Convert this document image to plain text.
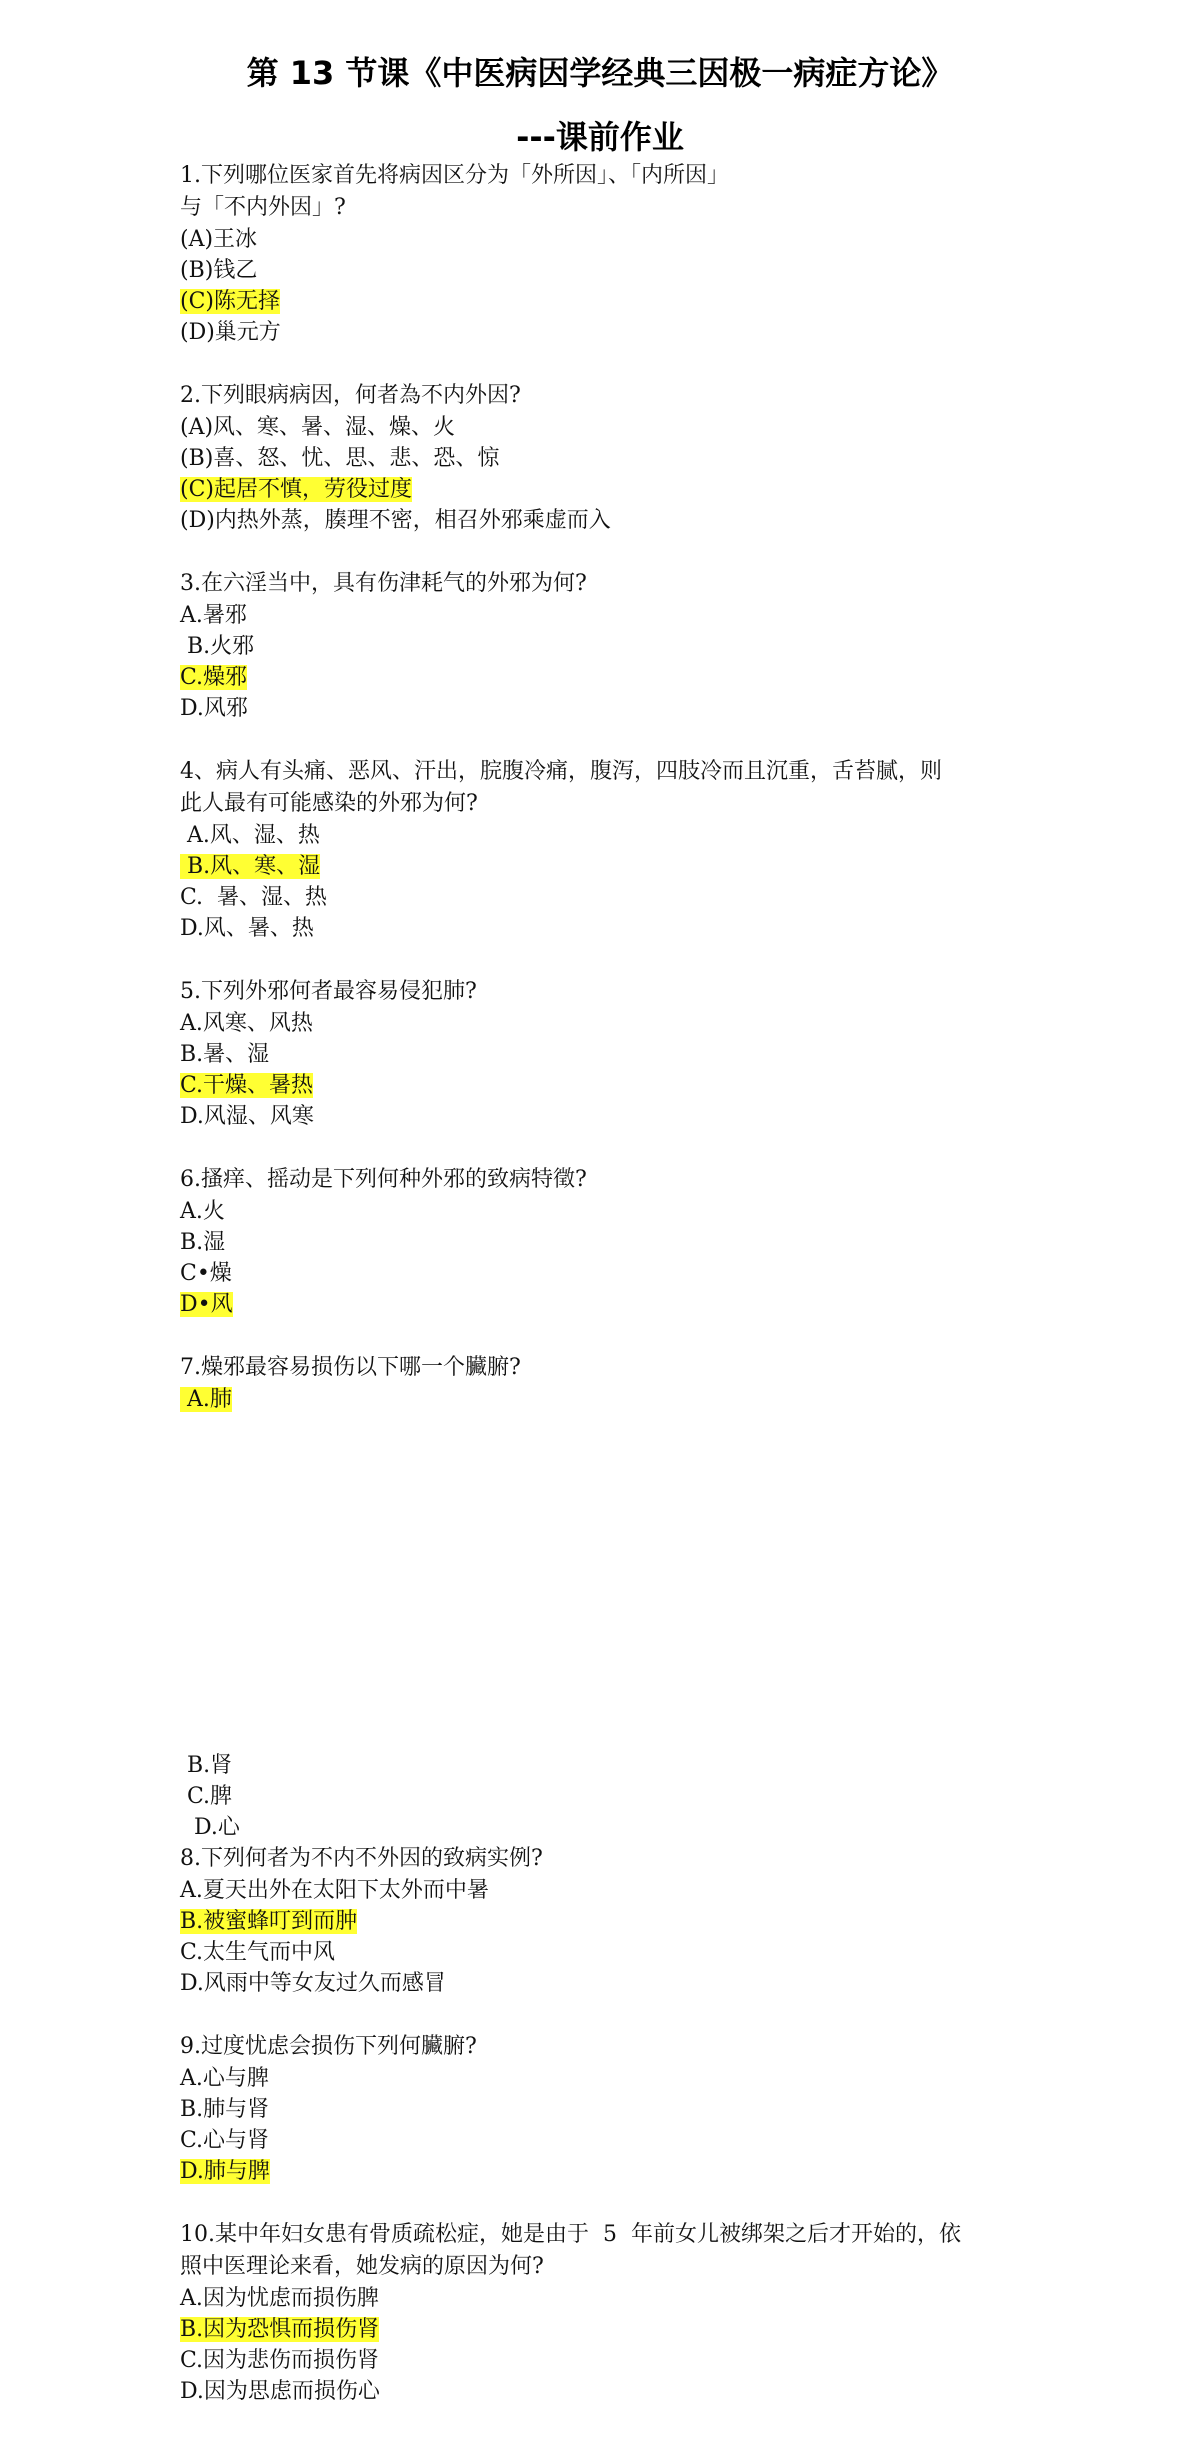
第 13 节课《中医病因学经典三因极一病症方论》
---课前作业
1.下列哪位医家首先将病因区分为「外所因」、「内所因」
与「不内外因」?
(A)王冰
(B)钱乙
(C)陈无择
(D)巢元方
2.下列眼病病因，何者為不内外因?
(A)风、寒、暑、湿、燥、火
(B)喜、怒、忧、思、悲、恐、惊
(C)起居不慎，劳役过度
(D)内热外蒸，腠理不密，相召外邪乘虚而入
3.在六淫当中，具有伤津耗气的外邪为何?
A.暑邪
B.火邪
C.燥邪
D.风邪
4、病人有头痛、恶风、汗出，脘腹冷痛，腹泻，四肢冷而且沉重，舌苔腻，则
此人最有可能感染的外邪为何?
A.风、湿、热
B.风、寒、湿
C.  暑、湿、热
D.风、暑、热
5.下列外邪何者最容易侵犯肺?
A.风寒、风热
B.暑、湿
C.干燥、暑热
D.风湿、风寒
6.搔痒、摇动是下列何种外邪的致病特徵?
A.火
B.湿
C•燥
D•风
7.燥邪最容易损伤以下哪一个臟腑?
A.肺
B.肾
C.脾
D.心
8.下列何者为不内不外因的致病实例?
A.夏天出外在太阳下太外而中暑
B.被蜜蜂叮到而肿
C.太生气而中风
D.风雨中等女友过久而感冒
9.过度忧虑会损伤下列何臟腑?
A.心与脾
B.肺与肾
C.心与肾
D.肺与脾
10.某中年妇女患有骨质疏松症，她是由于  5  年前女儿被绑架之后才开始的，依
照中医理论来看，她发病的原因为何?
A.因为忧虑而损伤脾
B.因为恐惧而损伤肾
C.因为悲伤而损伤肾
D.因为思虑而损伤心
